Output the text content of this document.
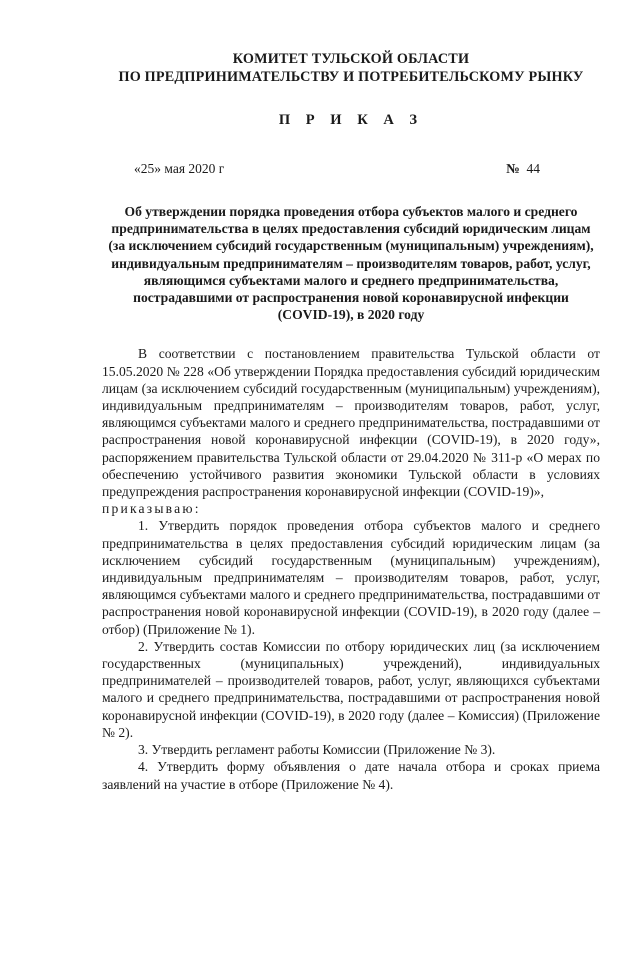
КОМИТЕТ ТУЛЬСКОЙ ОБЛАСТИ
ПО ПРЕДПРИНИМАТЕЛЬСТВУ И ПОТРЕБИТЕЛЬСКОМУ РЫНКУ
П Р И К А З
«25» мая 2020 г	№ 44
Об утверждении порядка проведения отбора субъектов малого и среднего предпринимательства в целях предоставления субсидий юридическим лицам (за исключением субсидий государственным (муниципальным) учреждениям), индивидуальным предпринимателям – производителям товаров, работ, услуг, являющимся субъектами малого и среднего предпринимательства, пострадавшими от распространения новой коронавирусной инфекции (COVID-19), в 2020 году

В соответствии с постановлением правительства Тульской области от 15.05.2020 № 228 «Об утверждении Порядка предоставления субсидий юридическим лицам (за исключением субсидий государственным (муниципальным) учреждениям), индивидуальным предпринимателям – производителям товаров, работ, услуг, являющимся субъектами малого и среднего предпринимательства, пострадавшими от распространения новой коронавирусной инфекции (COVID-19), в 2020 году», распоряжением правительства Тульской области от 29.04.2020 № 311-р «О мерах по обеспечению устойчивого развития экономики Тульской области в условиях предупреждения распространения коронавирусной инфекции (COVID-19)»,

приказываю:

1. Утвердить порядок проведения отбора субъектов малого и среднего предпринимательства в целях предоставления субсидий юридическим лицам (за исключением субсидий государственным (муниципальным) учреждениям), индивидуальным предпринимателям – производителям товаров, работ, услуг, являющимся субъектами малого и среднего предпринимательства, пострадавшими от распространения новой коронавирусной инфекции (COVID-19), в 2020 году (далее – отбор) (Приложение № 1).

2. Утвердить состав Комиссии по отбору юридических лиц (за исключением государственных (муниципальных) учреждений), индивидуальных предпринимателей – производителей товаров, работ, услуг, являющихся субъектами малого и среднего предпринимательства, пострадавшими от распространения новой коронавирусной инфекции (COVID-19), в 2020 году (далее – Комиссия) (Приложение № 2).

3. Утвердить регламент работы Комиссии (Приложение № 3).

4. Утвердить форму объявления о дате начала отбора и сроках приема заявлений на участие в отборе (Приложение № 4).
